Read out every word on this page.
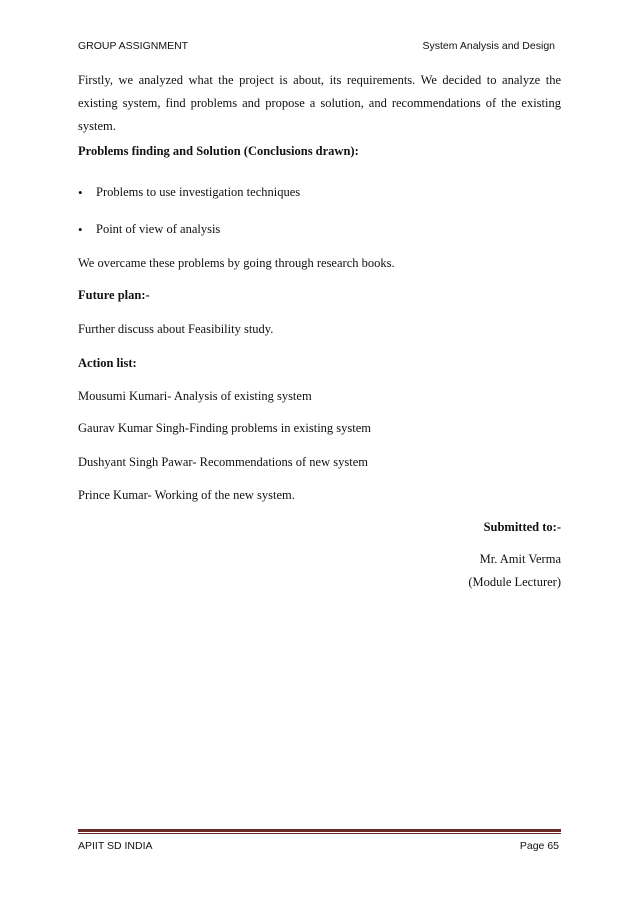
GROUP ASSIGNMENT	System Analysis and Design
Firstly, we analyzed what the project is about, its requirements. We decided to analyze the existing system, find problems and propose a solution, and recommendations of the existing system.
Problems finding and Solution (Conclusions drawn):
• Problems to use investigation techniques
• Point of view of analysis
We overcame these problems by going through research books.
Future plan:-
Further discuss about Feasibility study.
Action list:
Mousumi Kumari- Analysis of existing system
Gaurav Kumar Singh-Finding problems in existing system
Dushyant Singh Pawar- Recommendations of new system
Prince Kumar- Working of the new system.
Submitted to:-
Mr. Amit Verma
(Module Lecturer)
APIIT SD INDIA	Page 65
